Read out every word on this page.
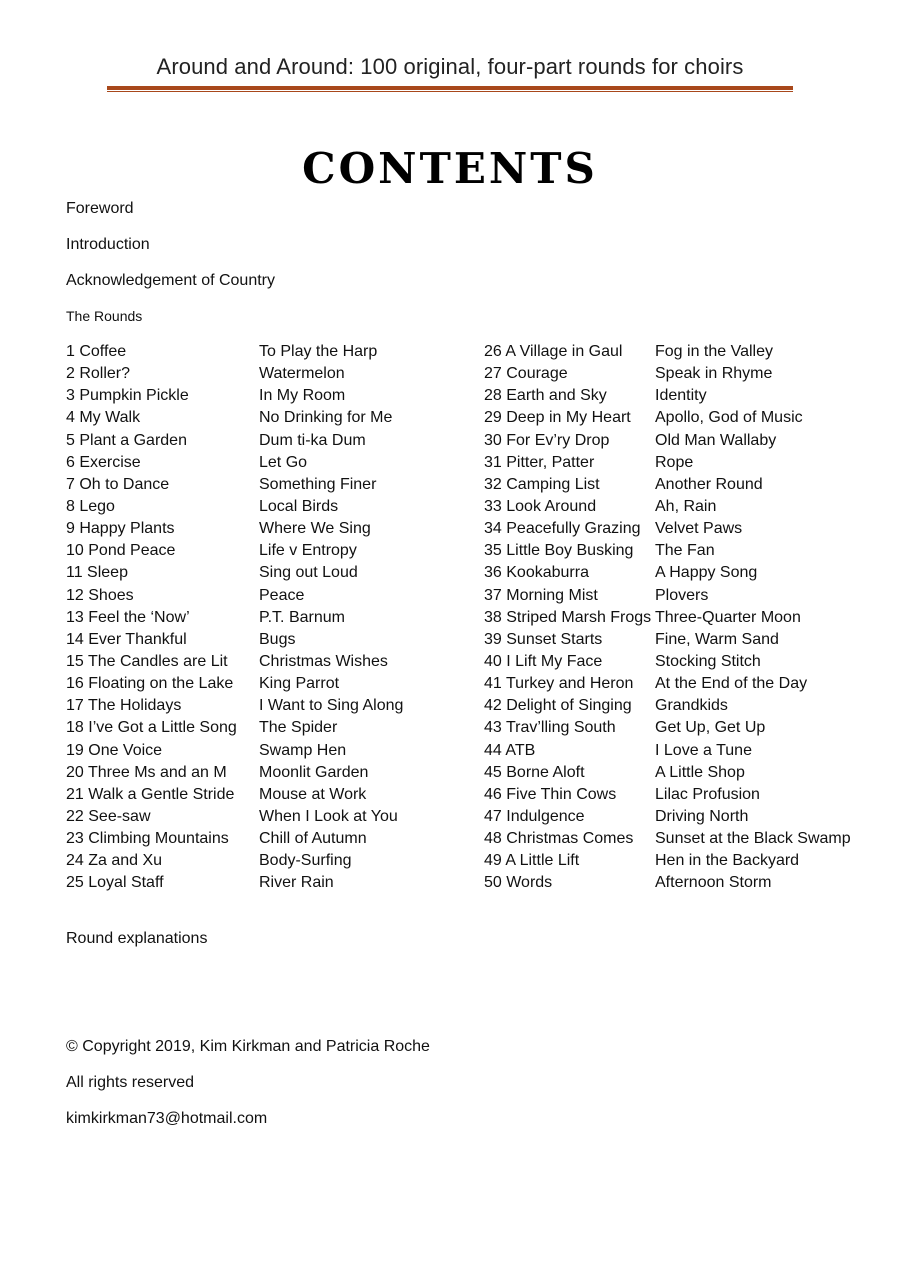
Around and Around: 100 original, four-part rounds for choirs
CONTENTS
Foreword
Introduction
Acknowledgement of Country
The Rounds
1 Coffee
2 Roller?
3 Pumpkin Pickle
4 My Walk
5 Plant a Garden
6 Exercise
7 Oh to Dance
8 Lego
9 Happy Plants
10 Pond Peace
11 Sleep
12 Shoes
13 Feel the ‘Now’
14 Ever Thankful
15 The Candles are Lit
16 Floating on the Lake
17 The Holidays
18 I’ve Got a Little Song
19 One Voice
20 Three Ms and an M
21 Walk a Gentle Stride
22 See-saw
23 Climbing Mountains
24 Za and Xu
25 Loyal Staff
To Play the Harp
Watermelon
In My Room
No Drinking for Me
Dum ti-ka Dum
Let Go
Something Finer
Local Birds
Where We Sing
Life v Entropy
Sing out Loud
Peace
P.T. Barnum
Bugs
Christmas Wishes
King Parrot
I Want to Sing Along
The Spider
Swamp Hen
Moonlit Garden
Mouse at Work
When I Look at You
Chill of Autumn
Body-Surfing
River Rain
26 A Village in Gaul
27 Courage
28 Earth and Sky
29 Deep in My Heart
30 For Ev’ry Drop
31 Pitter, Patter
32 Camping List
33 Look Around
34 Peacefully Grazing
35 Little Boy Busking
36 Kookaburra
37 Morning Mist
38 Striped Marsh Frogs
39 Sunset Starts
40 I Lift My Face
41 Turkey and Heron
42 Delight of Singing
43 Trav’lling South
44 ATB
45 Borne Aloft
46 Five Thin Cows
47 Indulgence
48 Christmas Comes
49 A Little Lift
50 Words
Fog in the Valley
Speak in Rhyme
Identity
Apollo, God of Music
Old Man Wallaby
Rope
Another Round
Ah, Rain
Velvet Paws
The Fan
A Happy Song
Plovers
Three-Quarter Moon
Fine, Warm Sand
Stocking Stitch
At the End of the Day
Grandkids
Get Up, Get Up
I Love a Tune
A Little Shop
Lilac Profusion
Driving North
Sunset at the Black Swamp
Hen in the Backyard
Afternoon Storm
Round explanations
© Copyright 2019, Kim Kirkman and Patricia Roche
All rights reserved
kimkirkman73@hotmail.com
